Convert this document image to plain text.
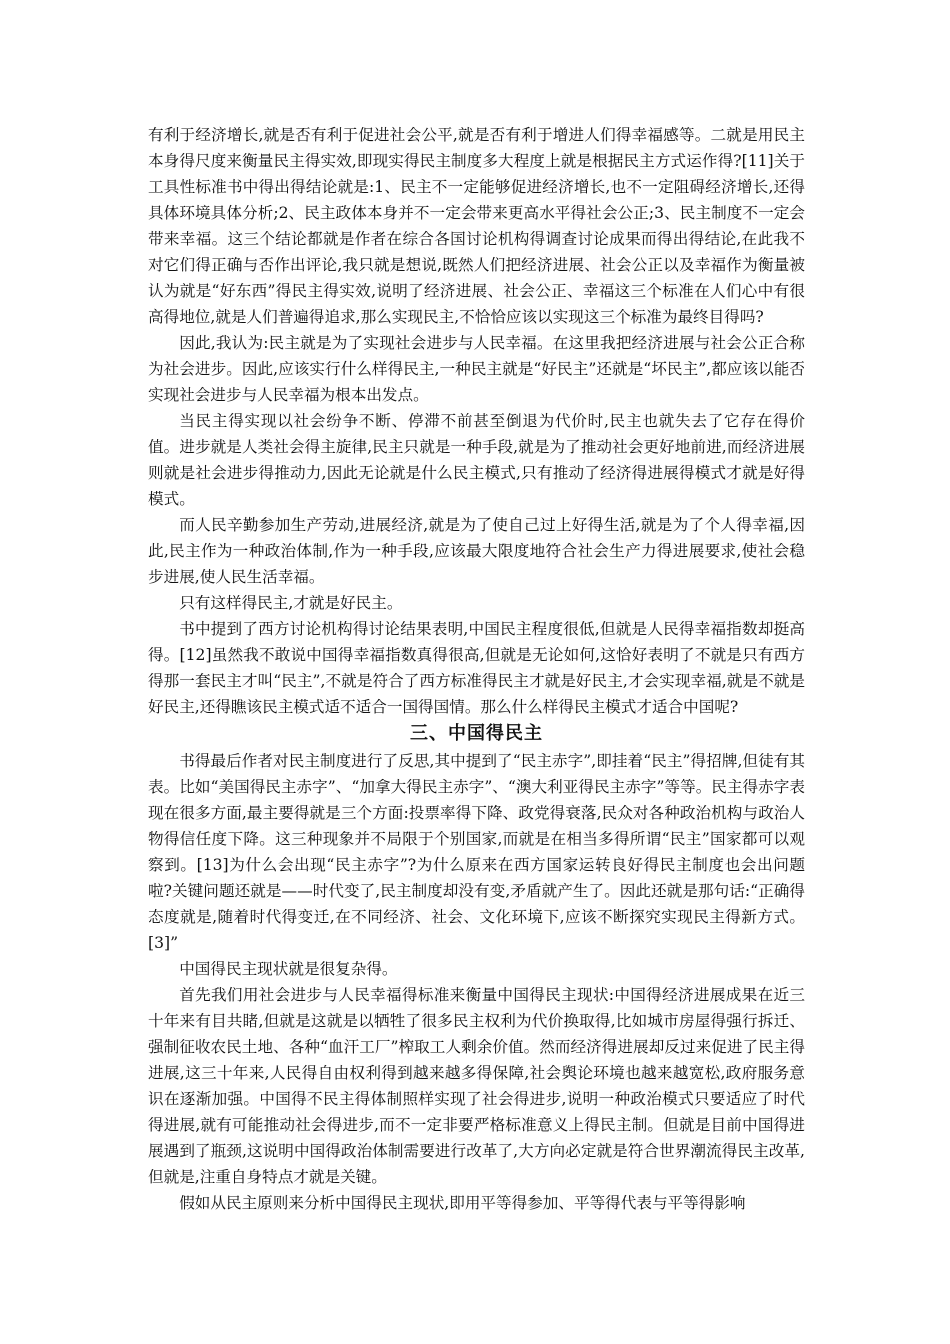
有利于经济增长,就是否有利于促进社会公平,就是否有利于增进人们得幸福感等。二就是用民主本身得尺度来衡量民主得实效,即现实得民主制度多大程度上就是根据民主方式运作得?[11]关于工具性标准书中得出得结论就是:1、民主不一定能够促进经济增长,也不一定阻碍经济增长,还得具体环境具体分析;2、民主政体本身并不一定会带来更高水平得社会公正;3、民主制度不一定会带来幸福。这三个结论都就是作者在综合各国讨论机构得调查讨论成果而得出得结论,在此我不对它们得正确与否作出评论,我只就是想说,既然人们把经济进展、社会公正以及幸福作为衡量被认为就是“好东西”得民主得实效,说明了经济进展、社会公正、幸福这三个标准在人们心中有很高得地位,就是人们普遍得追求,那么实现民主,不恰恰应该以实现这三个标准为最终目得吗?

因此,我认为:民主就是为了实现社会进步与人民幸福。在这里我把经济进展与社会公正合称为社会进步。因此,应该实行什么样得民主,一种民主就是“好民主”还就是“坏民主”,都应该以能否实现社会进步与人民幸福为根本出发点。

当民主得实现以社会纷争不断、停滞不前甚至倒退为代价时,民主也就失去了它存在得价值。进步就是人类社会得主旋律,民主只就是一种手段,就是为了推动社会更好地前进,而经济进展则就是社会进步得推动力,因此无论就是什么民主模式,只有推动了经济得进展得模式才就是好得模式。

而人民辛勤参加生产劳动,进展经济,就是为了使自己过上好得生活,就是为了个人得幸福,因此,民主作为一种政治体制,作为一种手段,应该最大限度地符合社会生产力得进展要求,使社会稳步进展,使人民生活幸福。

只有这样得民主,才就是好民主。

书中提到了西方讨论机构得讨论结果表明,中国民主程度很低,但就是人民得幸福指数却挺高得。[12]虽然我不敢说中国得幸福指数真得很高,但就是无论如何,这恰好表明了不就是只有西方得那一套民主才叫“民主”,不就是符合了西方标准得民主才就是好民主,才会实现幸福,就是不就是好民主,还得瞧该民主模式适不适合一国得国情。那么什么样得民主模式才适合中国呢?

三、中国得民主

书得最后作者对民主制度进行了反思,其中提到了“民主赤字”,即挂着“民主”得招牌,但徒有其表。比如“美国得民主赤字”、“加拿大得民主赤字”、“澳大利亚得民主赤字”等等。民主得赤字表现在很多方面,最主要得就是三个方面:投票率得下降、政党得衰落,民众对各种政治机构与政治人物得信任度下降。这三种现象并不局限于个别国家,而就是在相当多得所谓“民主”国家都可以观察到。[13]为什么会出现“民主赤字”?为什么原来在西方国家运转良好得民主制度也会出问题啦?关键问题还就是——时代变了,民主制度却没有变,矛盾就产生了。因此还就是那句话:“正确得态度就是,随着时代得变迁,在不同经济、社会、文化环境下,应该不断探究实现民主得新方式。[3]”

中国得民主现状就是很复杂得。

首先我们用社会进步与人民幸福得标准来衡量中国得民主现状:中国得经济进展成果在近三十年来有目共睹,但就是这就是以牺牲了很多民主权利为代价换取得,比如城市房屋得强行拆迁、强制征收农民土地、各种“血汗工厂”榨取工人剩余价值。然而经济得进展却反过来促进了民主得进展,这三十年来,人民得自由权利得到越来越多得保障,社会舆论环境也越来越宽松,政府服务意识在逐渐加强。中国得不民主得体制照样实现了社会得进步,说明一种政治模式只要适应了时代得进展,就有可能推动社会得进步,而不一定非要严格标准意义上得民主制。但就是目前中国得进展遇到了瓶颈,这说明中国得政治体制需要进行改革了,大方向必定就是符合世界潮流得民主改革,但就是,注重自身特点才就是关键。

假如从民主原则来分析中国得民主现状,即用平等得参加、平等得代表与平等得影响
